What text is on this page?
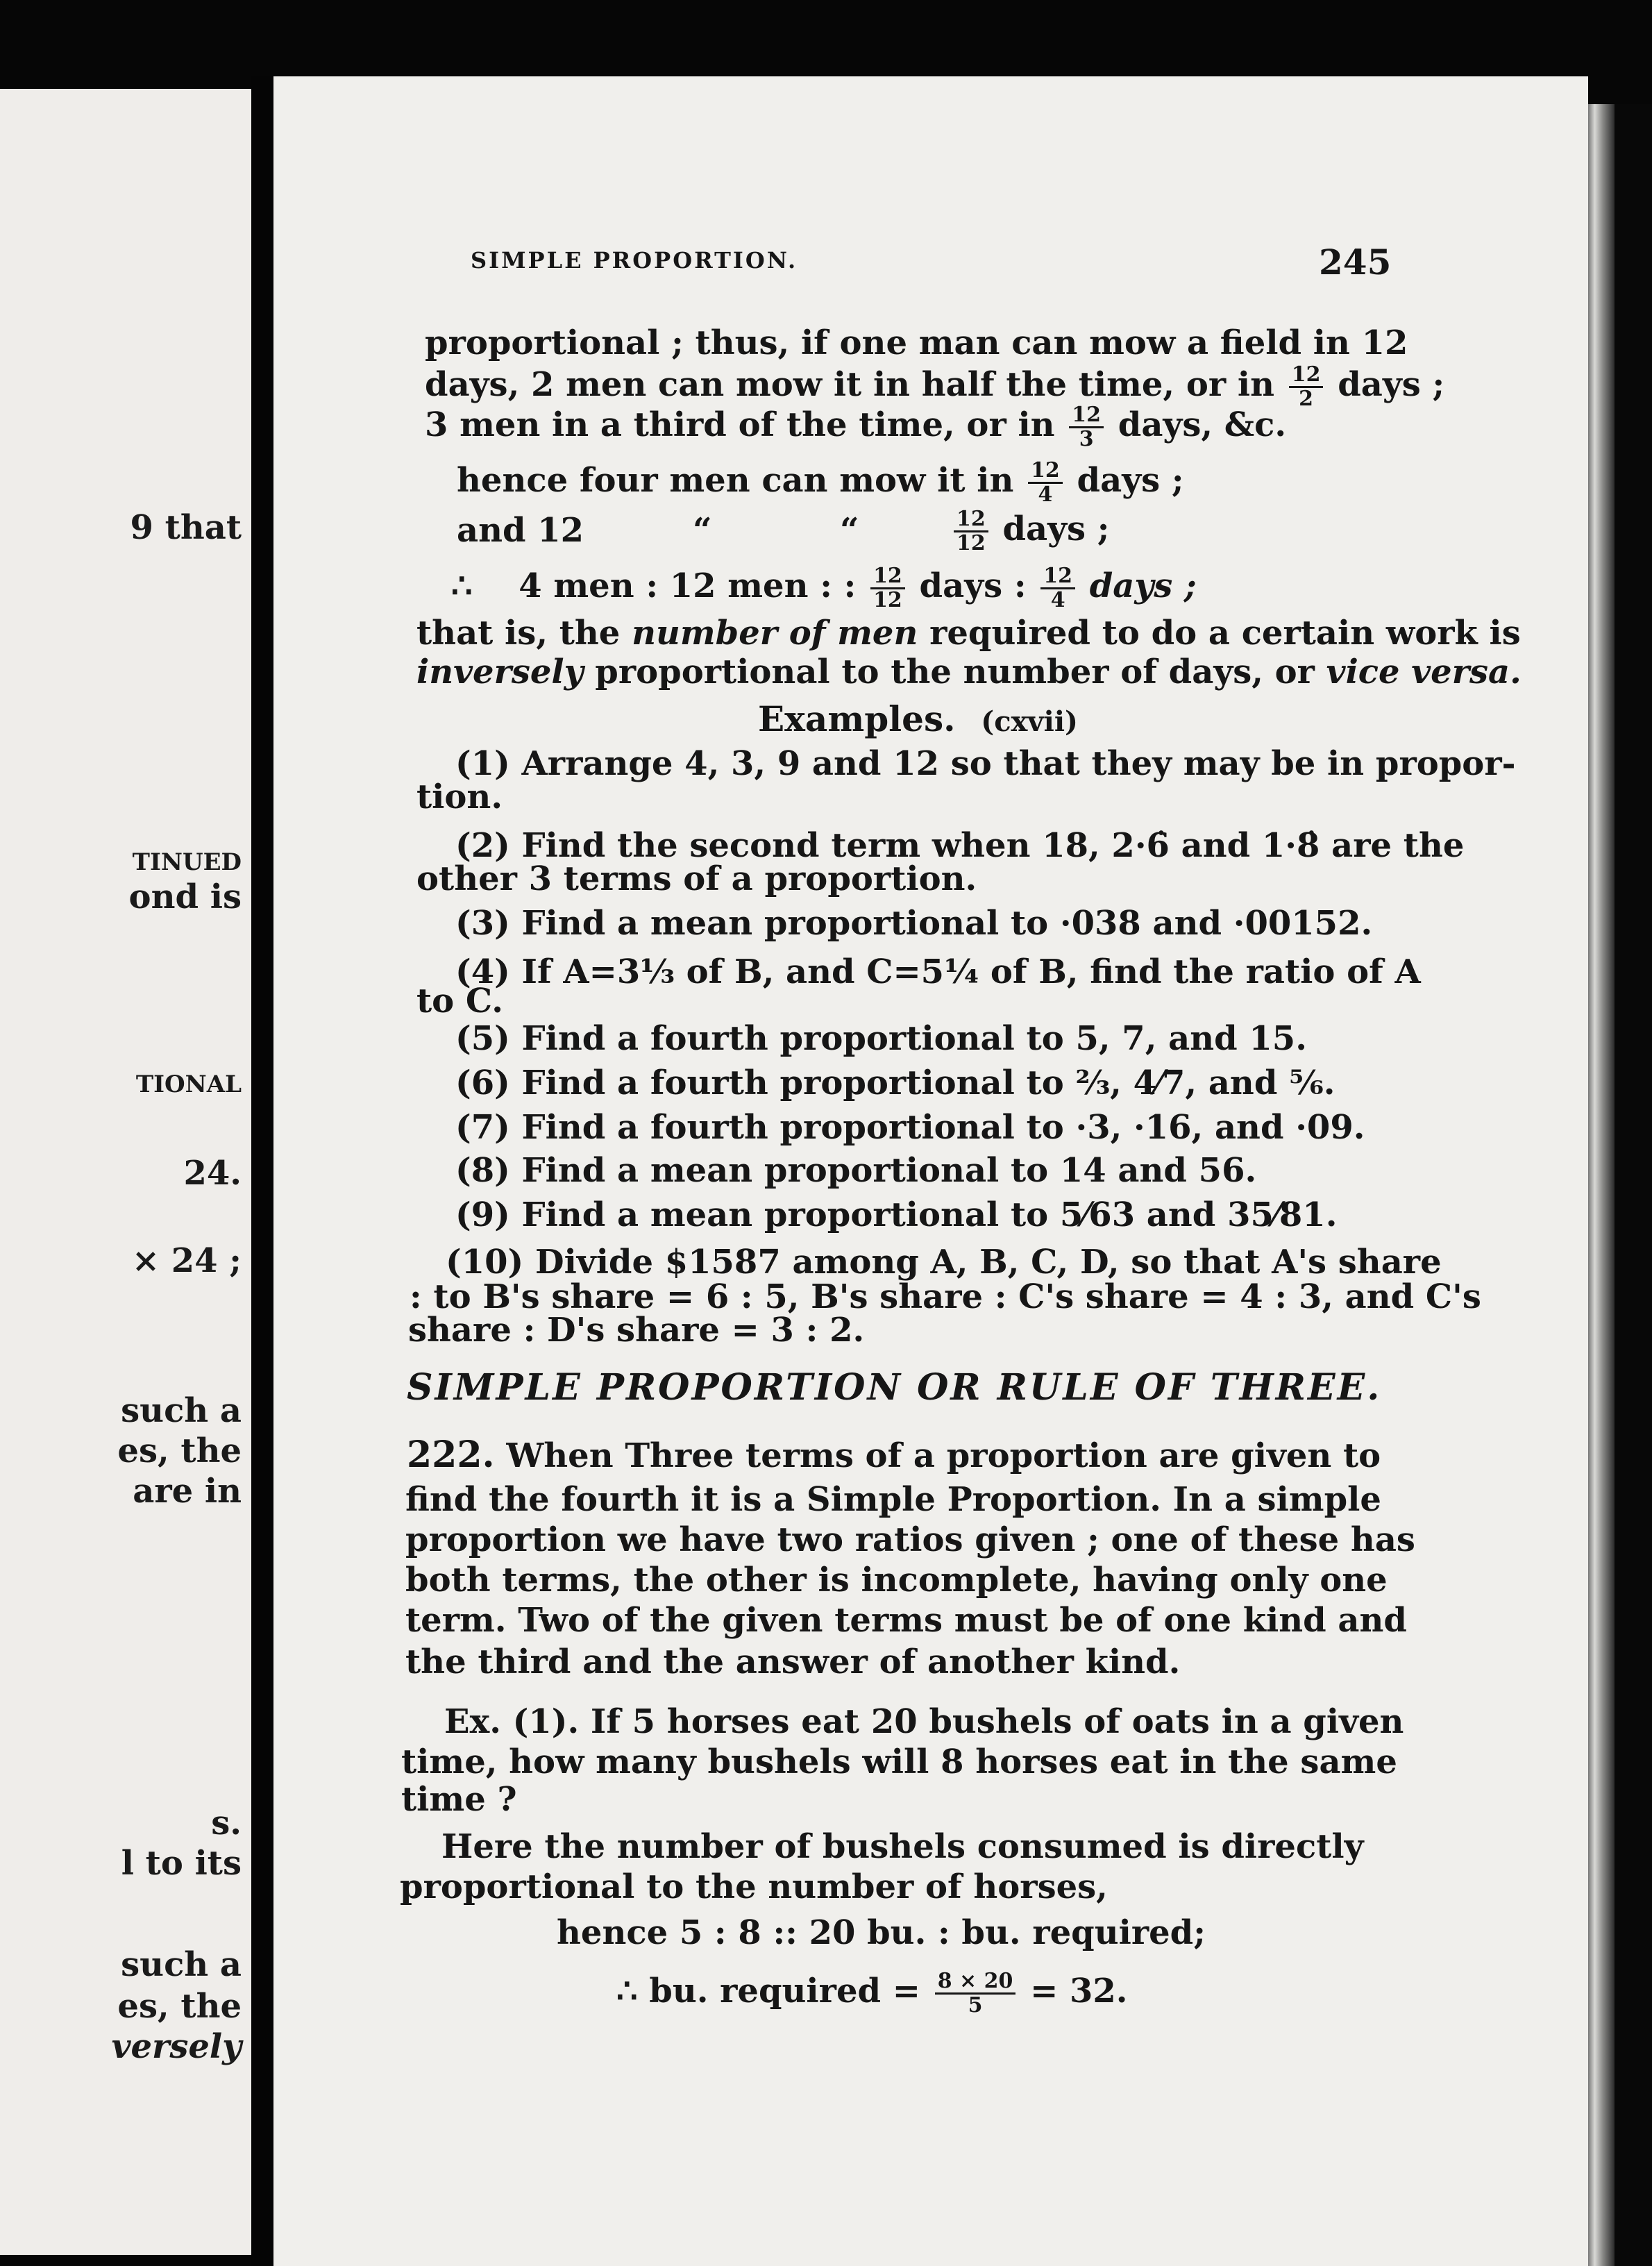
9 that
TINUED
ond is
TIONAL
24.
× 24 ;
such a
es, the
are in
s.
l to its
such a
es, the
versely
SIMPLE PROPORTION.	245
proportional ; thus, if one man can mow a field in 12
days, 2 men can mow it in half the time, or in $\frac{12}{2}$ days ;
3 men in a third of the time, or in $\frac{12}{3}$ days, &c.
hence four men can mow it in $\frac{12}{4}$ days ;
and 12	“	“	$\frac{12}{12}$ days ;
∴ 4 men : 12 men : : $\frac{12}{12}$ days : $\frac{12}{4}$ days ;
that is, the number of men required to do a certain work is
inversely proportional to the number of days, or vice versa.
Examples. (cxvii)
(1) Arrange 4, 3, 9 and 12 so that they may be in propor-
tion.
(2) Find the second term when 18, 2·6̇ and 1·8̇ are the
other 3 terms of a proportion.
(3) Find a mean proportional to ·038 and ·00152.
(4) If A=3⅓ of B, and C=5¼ of B, find the ratio of A
to C.
(5) Find a fourth proportional to 5, 7, and 15.
(6) Find a fourth proportional to ⅔, 4⁄7, and ⅚.
(7) Find a fourth proportional to ·3, ·16, and ·09.
(8) Find a mean proportional to 14 and 56.
(9) Find a mean proportional to 5⁄63 and 35⁄81.
(10) Divide $1587 among A, B, C, D, so that A's share
: to B's share = 6 : 5, B's share : C's share = 4 : 3, and C's
share : D's share = 3 : 2.
SIMPLE PROPORTION OR RULE OF THREE.
222. When Three terms of a proportion are given to
find the fourth it is a Simple Proportion. In a simple
proportion we have two ratios given ; one of these has
both terms, the other is incomplete, having only one
term. Two of the given terms must be of one kind and
the third and the answer of another kind.
Ex. (1). If 5 horses eat 20 bushels of oats in a given
time, how many bushels will 8 horses eat in the same
time ?
Here the number of bushels consumed is directly
proportional to the number of horses,
hence 5 : 8 :: 20 bu. : bu. required;
∴ bu. required = $\frac{8 \times 20}{5} = 32$.
